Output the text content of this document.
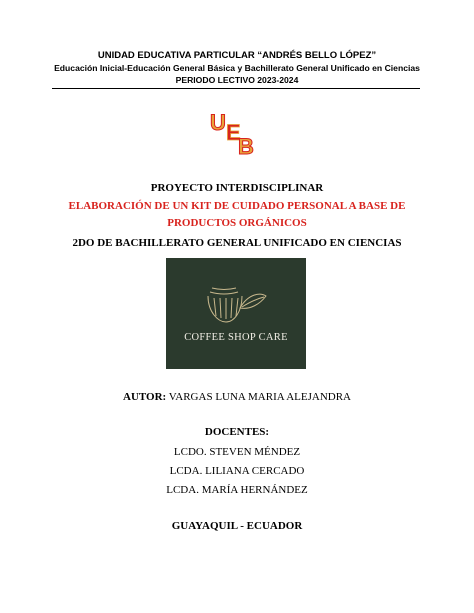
UNIDAD EDUCATIVA PARTICULAR “ANDRÉS BELLO LÓPEZ”
Educación Inicial-Educación General Básica y Bachillerato General Unificado en Ciencias
PERIODO LECTIVO 2023-2024
U E
B
PROYECTO INTERDISCIPLINAR
ELABORACIÓN DE UN KIT DE CUIDADO PERSONAL A BASE DE
PRODUCTOS ORGÁNICOS
2DO DE BACHILLERATO GENERAL UNIFICADO EN CIENCIAS
COFFEE SHOP CARE
AUTOR: VARGAS LUNA MARIA ALEJANDRA
DOCENTES:
LCDO. STEVEN MÉNDEZ
LCDA. LILIANA CERCADO
LCDA. MARÍA HERNÁNDEZ
GUAYAQUIL - ECUADOR
